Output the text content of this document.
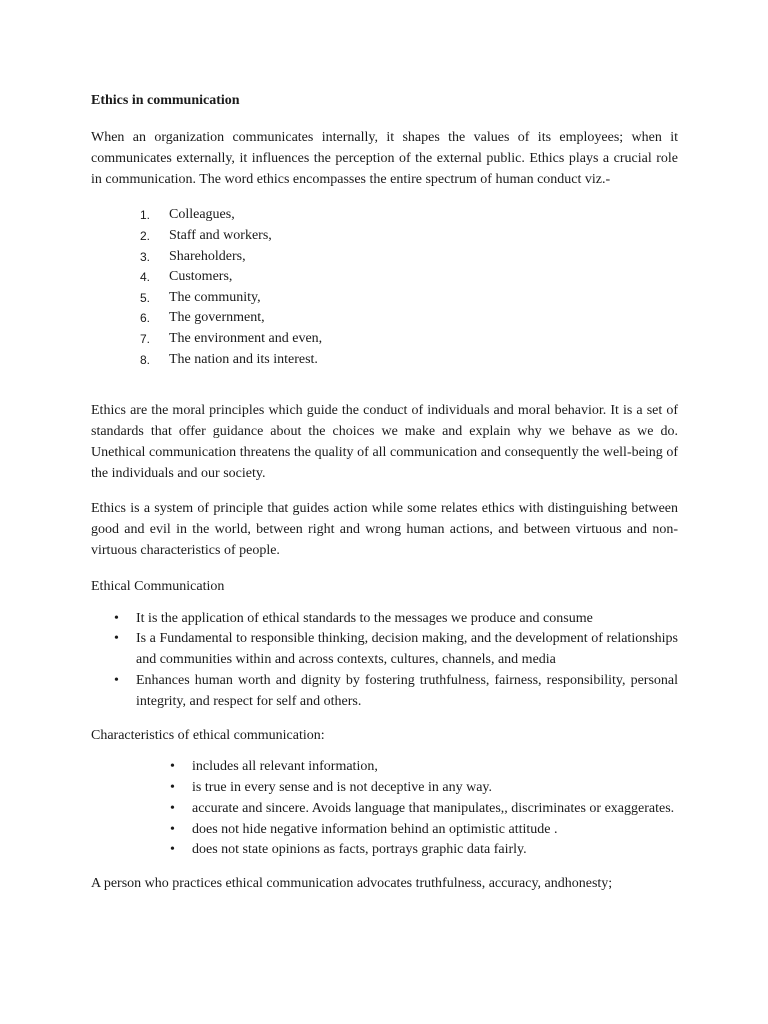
Ethics in communication

When an organization communicates internally, it shapes the values of its employees; when it communicates externally, it influences the perception of the external public. Ethics plays a crucial role in communication. The word ethics encompasses the entire spectrum of human conduct viz.-

1. Colleagues,
2. Staff and workers,
3. Shareholders,
4. Customers,
5. The community,
6. The government,
7. The environment and even,
8. The nation and its interest.

Ethics are the moral principles which guide the conduct of individuals and moral behavior. It is a set of standards that offer guidance about the choices we make and explain why we behave as we do. Unethical communication threatens the quality of all communication and consequently the well-being of the individuals and our society.

Ethics is a system of principle that guides action while some relates ethics with distinguishing between good and evil in the world, between right and wrong human actions, and between virtuous and non-virtuous characteristics of people.

Ethical Communication

• It is the application of ethical standards to the messages we produce and consume
• Is a Fundamental to responsible thinking, decision making, and the development of relationships and communities within and across contexts, cultures, channels, and media
• Enhances human worth and dignity by fostering truthfulness, fairness, responsibility, personal integrity, and respect for self and others.

Characteristics of ethical communication:

• includes all relevant information,
• is true in every sense and is not deceptive in any way.
• accurate and sincere. Avoids language that manipulates,, discriminates or exaggerates.
• does not hide negative information behind an optimistic attitude .
• does not state opinions as facts, portrays graphic data fairly.

A person who practices ethical communication advocates truthfulness, accuracy, andhonesty;
